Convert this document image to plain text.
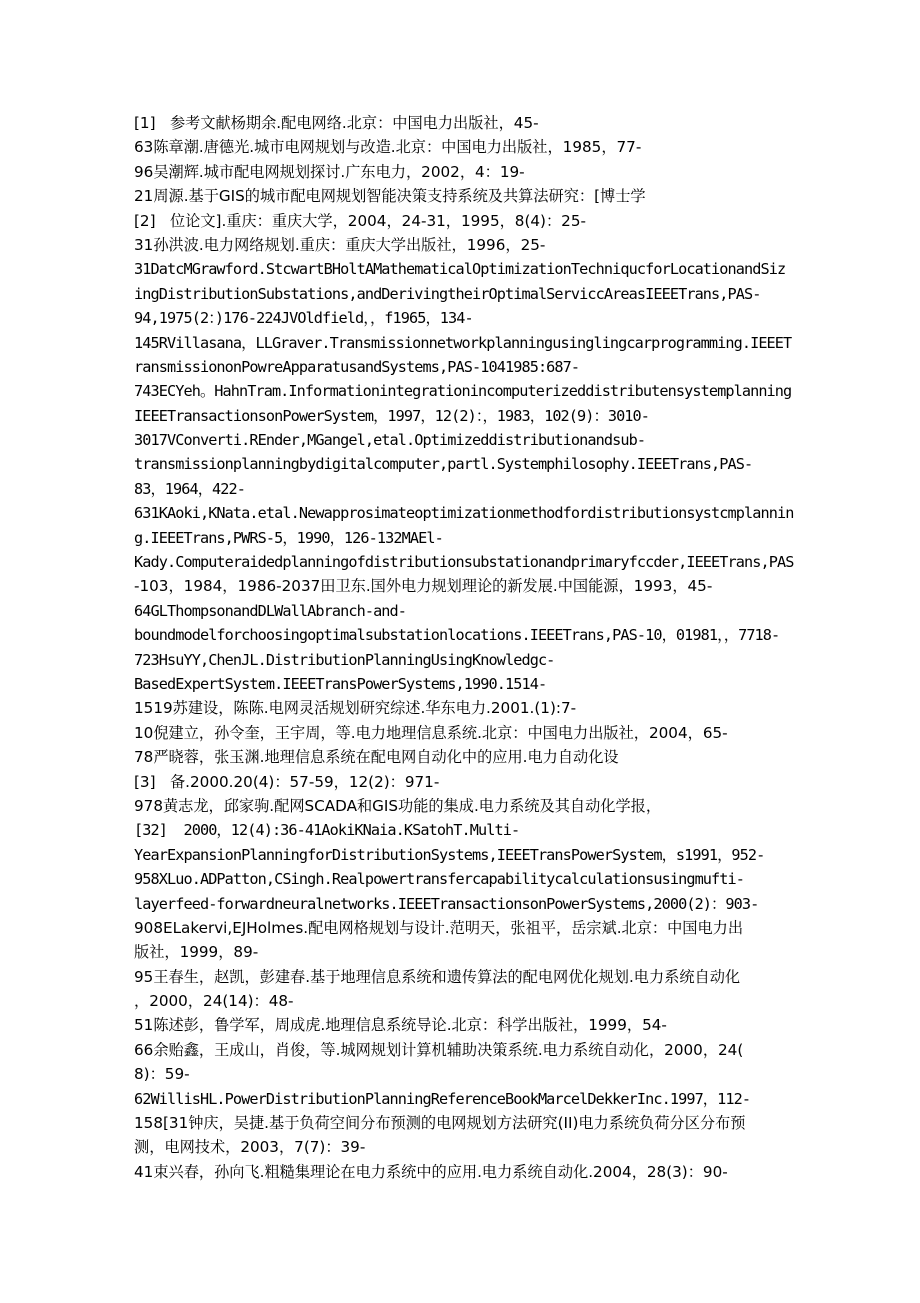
[1]   参考文献杨期余.配电网络.北京：中国电力出版社，45-
63陈章潮.唐德光.城市电网规划与改造.北京：中国电力出版社，1985，77-
96吴潮辉.城市配电网规划探讨.广东电力，2002，4：19-
21周源.基于GIS的城市配电网规划智能决策支持系统及共算法研究：[博士学
[2]   位论文].重庆：重庆大学，2004，24-31，1995，8(4)：25-
31孙洪波.电力网络规划.重庆：重庆大学出版社，1996，25-
31DatcMGrawford.StcwartBHoltAMathematicalOptimizationTechniqucforLocationandSiz
ingDistributionSubstations,andDerivingtheirOptimalServiccAreasIEEETrans,PAS-
94,1975(2：)176-224JVOldfield，，f1965，134-
145RVillasana，LLGraver.Transmissionnetworkplanningusinglingcarprogramming.IEEET
ransmissiononPowreApparatusandSystems,PAS-1041985:687-
743ECYeh。HahnTram.Informationintegrationincomputerizeddistributensystemplanning
IEEETransactionsonPowerSystem，1997，12(2)：，1983，102(9)：3010-
3017VConverti.REnder,MGangel,etal.Optimizeddistributionandsub-
transmissionplanningbydigitalcomputer,partl.Systemphilosophy.IEEETrans,PAS-
83，1964，422-
631KAoki,KNata.etal.Newapprosimateoptimizationmethodfordistributionsystcmplannin
g.IEEETrans,PWRS-5，1990，126-132MAEl-
Kady.Computeraidedplanningofdistributionsubstationandprimaryfccder,IEEETrans,PAS
-103，1984，1986-2037田卫东.国外电力规划理论的新发展.中国能源，1993，45-
64GLThompsonandDLWallAbranch-and-
boundmodelforchoosingoptimalsubstationlocations.IEEETrans,PAS-10，01981，，7718-
723HsuYY,ChenJL.DistributionPlanningUsingKnowledgc-
BasedExpertSystem.IEEETransPowerSystems,1990.1514-
1519苏建设，陈陈.电网灵活规划研究综述.华东电力.2001.(1):7-
10倪建立，孙令奎，王宇周，等.电力地理信息系统.北京：中国电力出版社，2004，65-
78严晓蓉，张玉渊.地理信息系统在配电网自动化中的应用.电力自动化设
[3]   备.2000.20(4)：57-59，12(2)：971-
978黄志龙，邱家驹.配网SCADA和GIS功能的集成.电力系统及其自动化学报，
[32]  2000，12(4):36-41AokiKNaia.KSatohT.Multi-
YearExpansionPlanningforDistributionSystems,IEEETransPowerSystem，s1991，952-
958XLuo.ADPatton,CSingh.Realpowertransfercapabilitycalculationsusingmufti-
layerfeed-forwardneuralnetworks.IEEETransactionsonPowerSystems,2000(2)：903-
908ELakervi,EJHolmes.配电网格规划与设计.范明天，张祖平，岳宗斌.北京：中国电力出
版社，1999，89-
95王春生，赵凯，彭建春.基于地理信息系统和遗传算法的配电网优化规划.电力系统自动化
，2000，24(14)：48-
51陈述彭，鲁学军，周成虎.地理信息系统导论.北京：科学出版社，1999，54-
66余贻鑫，王成山，肖俊，等.城网规划计算机辅助决策系统.电力系统自动化，2000，24(
8)：59-
62WillisHL.PowerDistributionPlanningReferenceBookMarcelDekkerInc.1997，112-
158[31钟庆，吴捷.基于负荷空间分布预测的电网规划方法研究(II)电力系统负荷分区分布预
测，电网技术，2003，7(7)：39-
41束兴春，孙向飞.粗糙集理论在电力系统中的应用.电力系统自动化.2004，28(3)：90-
